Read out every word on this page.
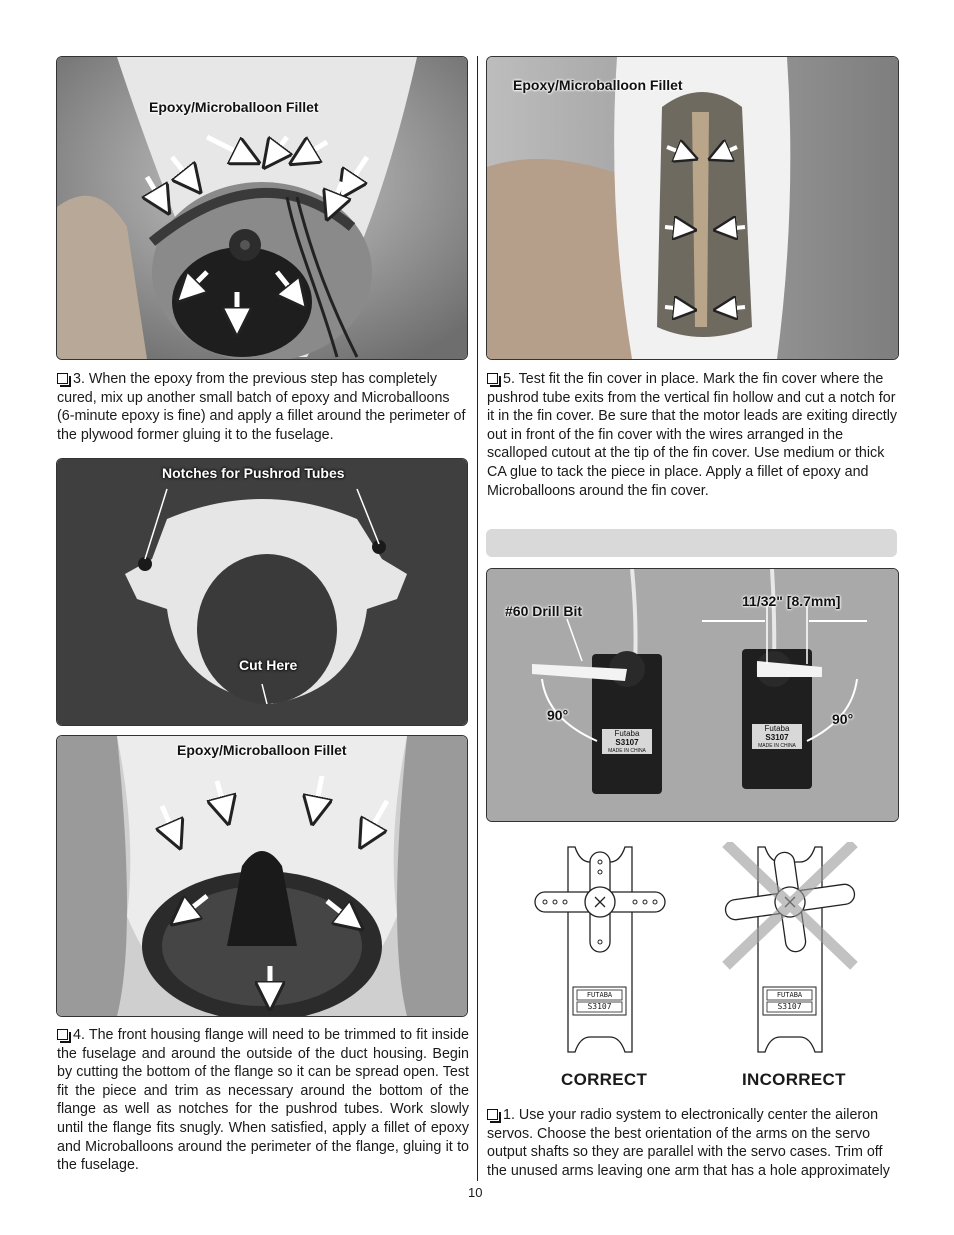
Epoxy/Microballoon Fillet
Epoxy/Microballoon Fillet

3. When the epoxy from the previous step has completely cured, mix up another small batch of epoxy and Microballoons (6-minute epoxy is fine) and apply a fillet around the perimeter of the plywood former gluing it to the fuselage.

5. Test fit the fin cover in place. Mark the fin cover where the pushrod tube exits from the vertical fin hollow and cut a notch for it in the fin cover. Be sure that the motor leads are exiting directly out in front of the fin cover with the wires arranged in the scalloped cutout at the tip of the fin cover. Use medium or thick CA glue to tack the piece in place. Apply a fillet of epoxy and Microballoons around the fin cover.

Notches for Pushrod Tubes
Cut Here
Epoxy/Microballoon Fillet

4. The front housing flange will need to be trimmed to fit inside the fuselage and around the outside of the duct housing. Begin by cutting the bottom of the flange so it can be spread open. Test fit the piece and trim as necessary around the bottom of the flange as well as notches for the pushrod tubes. Work slowly until the flange fits snugly. When satisfied, apply a fillet of epoxy and Microballoons around the perimeter of the flange, gluing it to the fuselage.

#60 Drill Bit
11/32" [8.7mm]
90°	90°
Futaba
S3107
MADE IN CHINA
Futaba
S3107
MADE IN CHINA
FUTABA
S3107
FUTABA
S3107
CORRECT	INCORRECT

1. Use your radio system to electronically center the aileron servos. Choose the best orientation of the arms on the servo output shafts so they are parallel with the servo cases. Trim off the unused arms leaving one arm that has a hole approximately

10
